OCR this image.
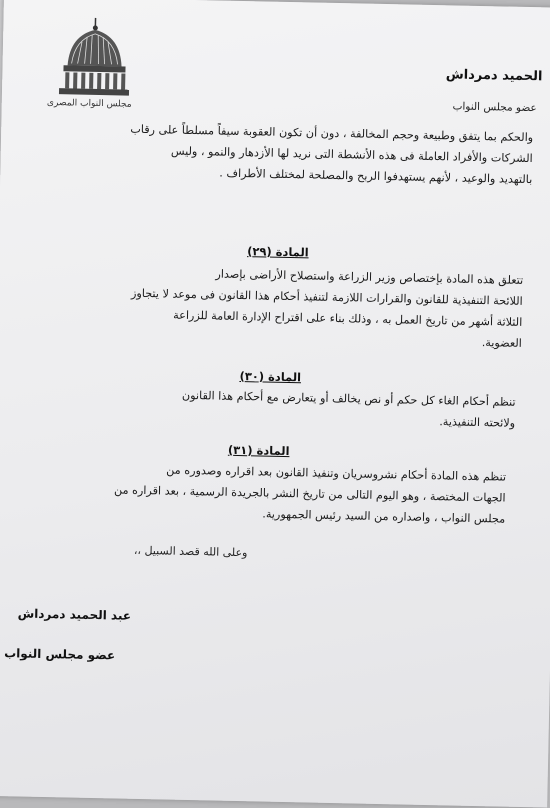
مجلس النواب المصرى
الحميد دمرداش
عضو مجلس النواب
والحكم بما يتفق وطبيعة وحجم المخالفة ، دون أن تكون العقوبة سيفاً مسلطاً على رقاب
الشركات والأفراد العاملة فى هذه الأنشطة التى نريد لها الأزدهار والنمو ، وليس
بالتهديد والوعيد ، لأنهم يستهدفوا الربح والمصلحة لمختلف الأطراف .
المادة (٢٩)
تتعلق هذه المادة بإختصاص وزير الزراعة واستصلاح الأراضى بإصدار
اللائحة التنفيذية للقانون والقرارات اللازمة لتنفيذ أحكام هذا القانون فى موعد لا يتجاوز
الثلاثة أشهر من تاريخ العمل به ، وذلك بناء على اقتراح الإدارة العامة للزراعة
العضوية.
المادة (٣٠)
تنظم أحكام الغاء كل حكم أو نص يخالف أو يتعارض مع أحكام هذا القانون
ولائحته التنفيذية.
المادة (٣١)
تنظم هذه المادة أحكام نشروسريان وتنفيذ القانون بعد اقراره وصدوره من
الجهات المختصة ، وهو اليوم التالى من تاريخ النشر بالجريدة الرسمية ، بعد اقراره من
مجلس النواب ، واصداره من السيد رئيس الجمهورية.
وعلى الله قصد السبيل ،،
عبد الحميد دمرداش
عضو مجلس النواب
